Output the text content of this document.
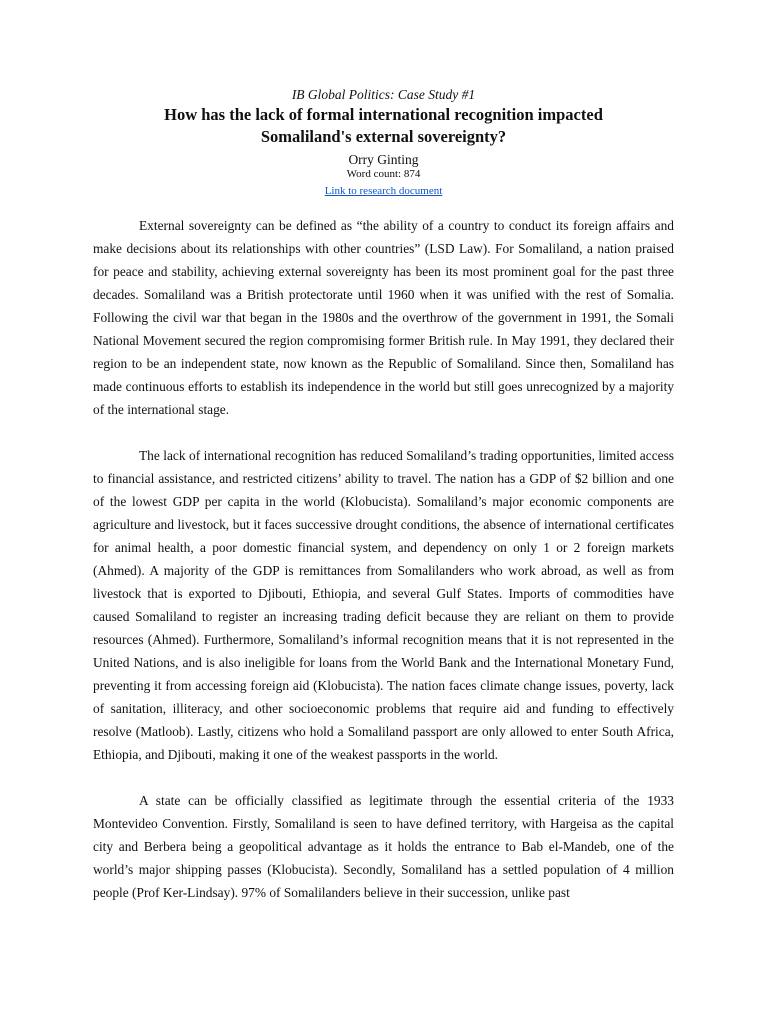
IB Global Politics: Case Study #1
How has the lack of formal international recognition impacted
Somaliland's external sovereignty?
Orry Ginting
Word count: 874
Link to research document

External sovereignty can be defined as “the ability of a country to conduct its foreign affairs and make decisions about its relationships with other countries” (LSD Law). For Somaliland, a nation praised for peace and stability, achieving external sovereignty has been its most prominent goal for the past three decades. Somaliland was a British protectorate until 1960 when it was unified with the rest of Somalia. Following the civil war that began in the 1980s and the overthrow of the government in 1991, the Somali National Movement secured the region compromising former British rule. In May 1991, they declared their region to be an independent state, now known as the Republic of Somaliland. Since then, Somaliland has made continuous efforts to establish its independence in the world but still goes unrecognized by a majority of the international stage.

The lack of international recognition has reduced Somaliland’s trading opportunities, limited access to financial assistance, and restricted citizens’ ability to travel. The nation has a GDP of $2 billion and one of the lowest GDP per capita in the world (Klobucista). Somaliland’s major economic components are agriculture and livestock, but it faces successive drought conditions, the absence of international certificates for animal health, a poor domestic financial system, and dependency on only 1 or 2 foreign markets (Ahmed). A majority of the GDP is remittances from Somalilanders who work abroad, as well as from livestock that is exported to Djibouti, Ethiopia, and several Gulf States. Imports of commodities have caused Somaliland to register an increasing trading deficit because they are reliant on them to provide resources (Ahmed). Furthermore, Somaliland’s informal recognition means that it is not represented in the United Nations, and is also ineligible for loans from the World Bank and the International Monetary Fund, preventing it from accessing foreign aid (Klobucista). The nation faces climate change issues, poverty, lack of sanitation, illiteracy, and other socioeconomic problems that require aid and funding to effectively resolve (Matloob). Lastly, citizens who hold a Somaliland passport are only allowed to enter South Africa, Ethiopia, and Djibouti, making it one of the weakest passports in the world.

A state can be officially classified as legitimate through the essential criteria of the 1933 Montevideo Convention. Firstly, Somaliland is seen to have defined territory, with Hargeisa as the capital city and Berbera being a geopolitical advantage as it holds the entrance to Bab el-Mandeb, one of the world’s major shipping passes (Klobucista). Secondly, Somaliland has a settled population of 4 million people (Prof Ker-Lindsay). 97% of Somalilanders believe in their succession, unlike past
